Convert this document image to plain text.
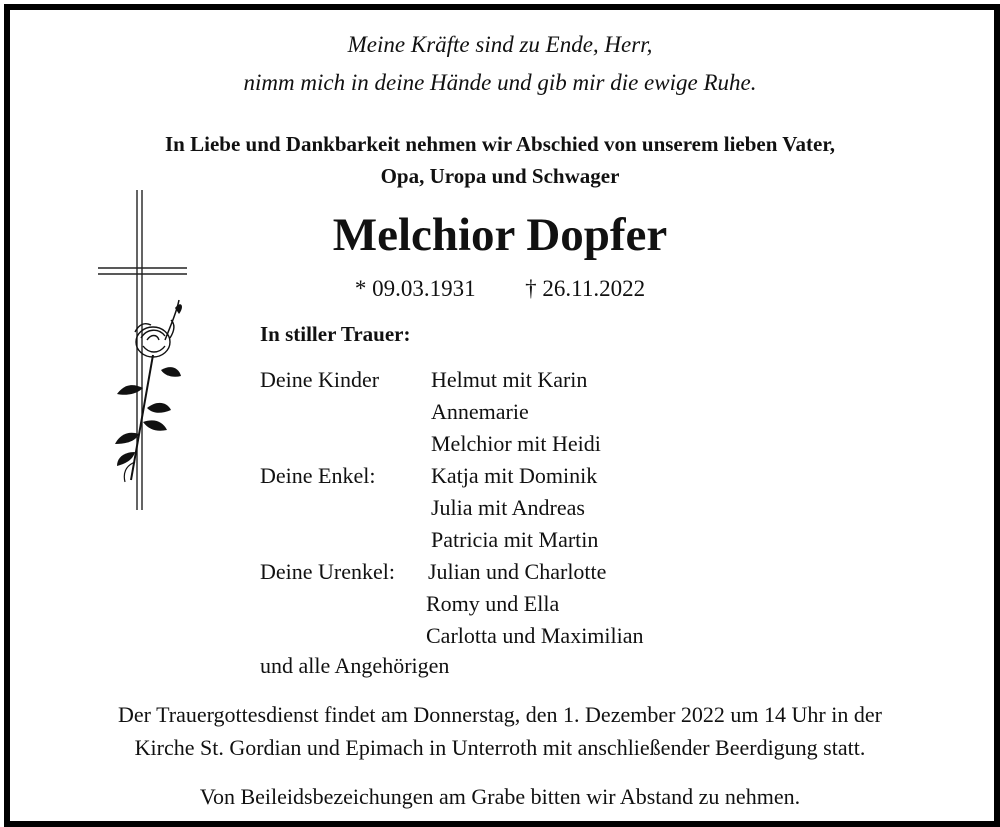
Meine Kräfte sind zu Ende, Herr,
nimm mich in deine Hände und gib mir die ewige Ruhe.
In Liebe und Dankbarkeit nehmen wir Abschied von unserem lieben Vater,
Opa, Uropa und Schwager
Melchior Dopfer
* 09.03.1931 † 26.11.2022
In stiller Trauer:
Deine Kinder Helmut mit Karin
Annemarie
Melchior mit Heidi
Deine Enkel:	Katja mit Dominik
Julia mit Andreas
Patricia mit Martin
Deine Urenkel: Julian und Charlotte
Romy und Ella
Carlotta und Maximilian
und alle Angehörigen
Der Trauergottesdienst findet am Donnerstag, den 1. Dezember 2022 um 14 Uhr in der
Kirche St. Gordian und Epimach in Unterroth mit anschließender Beerdigung statt.
Von Beileidsbezeichungen am Grabe bitten wir Abstand zu nehmen.
